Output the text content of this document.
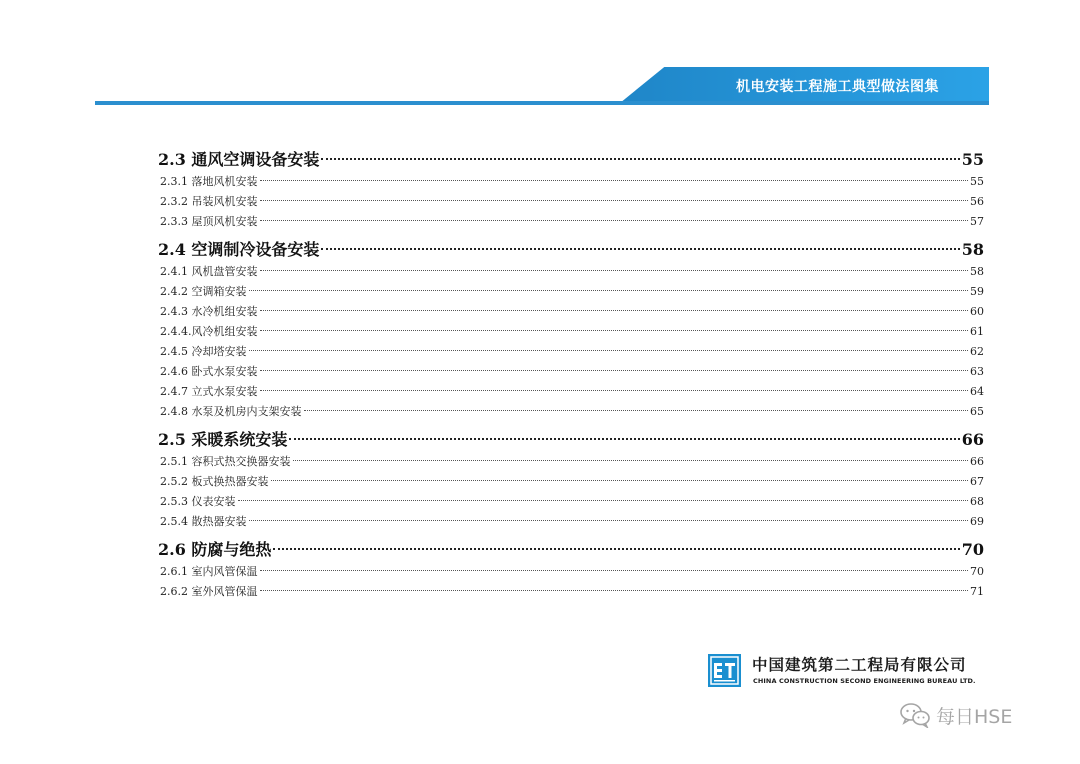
机电安装工程施工典型做法图集
2.3 通风空调设备安装	55
2.3.1 落地风机安装	55
2.3.2 吊装风机安装	56
2.3.3 屋顶风机安装	57
2.4 空调制冷设备安装	58
2.4.1 风机盘管安装	58
2.4.2 空调箱安装	59
2.4.3 水冷机组安装	60
2.4.4.风冷机组安装	61
2.4.5 冷却塔安装	62
2.4.6 卧式水泵安装	63
2.4.7 立式水泵安装	64
2.4.8 水泵及机房内支架安装	65
2.5 采暖系统安装	66
2.5.1 容积式热交换器安装	66
2.5.2 板式换热器安装	67
2.5.3 仪表安装	68
2.5.4 散热器安装	69
2.6 防腐与绝热	70
2.6.1 室内风管保温	70
2.6.2 室外风管保温	71
中国建筑第二工程局有限公司
CHINA CONSTRUCTION SECOND ENGINEERING BUREAU LTD.
每日HSE
